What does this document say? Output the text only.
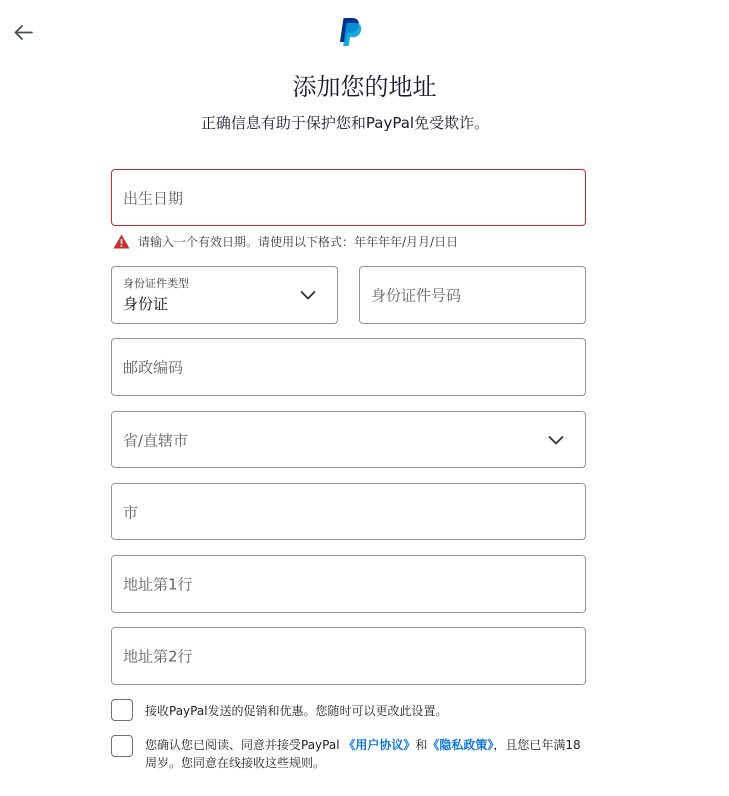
添加您的地址
正确信息有助于保护您和PayPal免受欺诈。
出生日期
请输入一个有效日期。请使用以下格式：年年年年/月月/日日
身份证件类型
身份证	身份证件号码
邮政编码
省/直辖市
市
地址第1行
地址第2行
接收PayPal发送的促销和优惠。您随时可以更改此设置。
您确认您已阅读、同意并接受PayPal 《用户协议》和《隐私政策》，且您已年满18周岁。您同意在线接收这些规则。
